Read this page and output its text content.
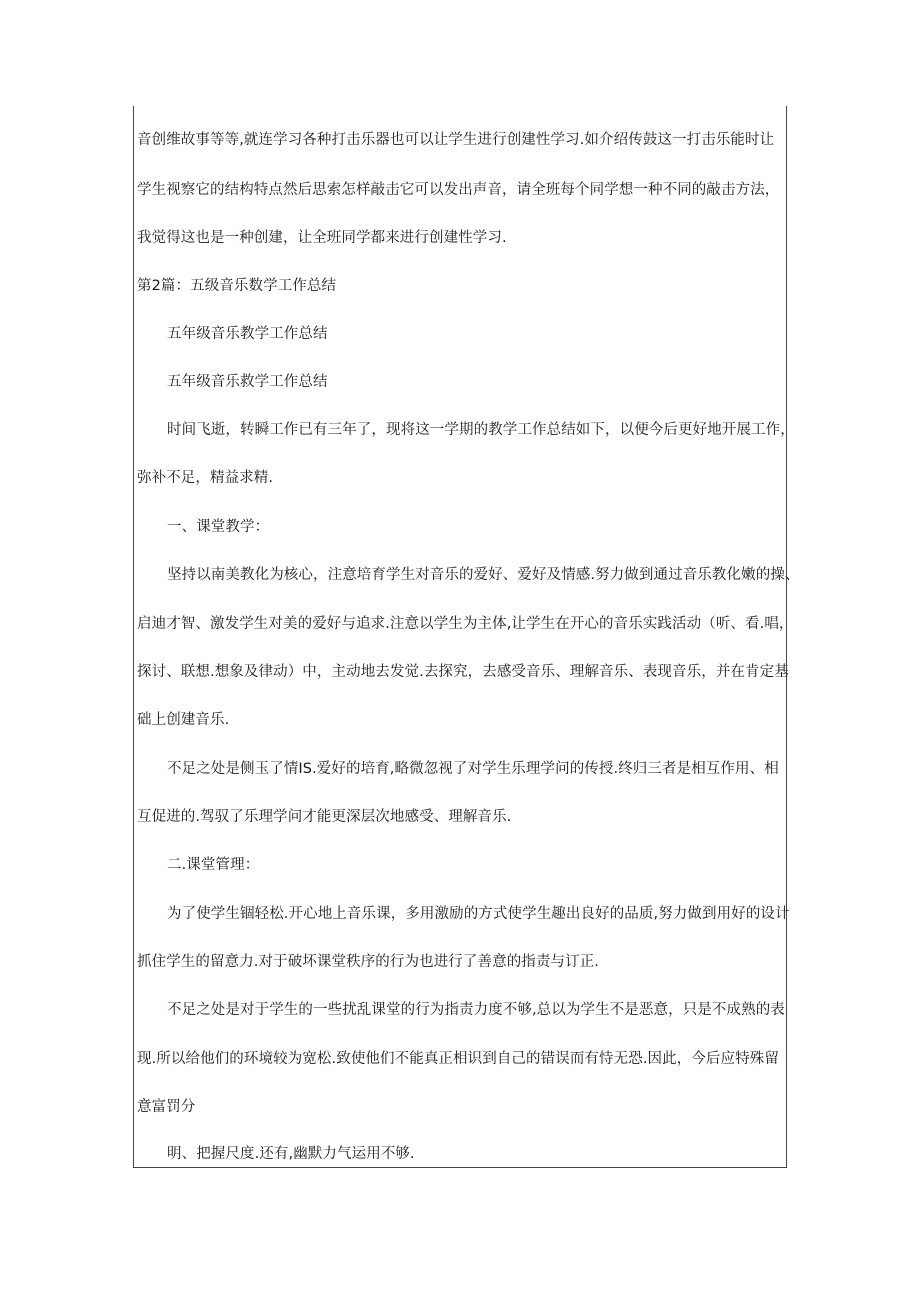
音创维故事等等,就连学习各种打击乐器也可以让学生进行创建性学习.如介绍传鼓这一打击乐能时让
学生视察它的结构特点然后思索怎样敲击它可以发出声音，请全班每个同学想一种不同的敲击方法，
我觉得这也是一种创建，让全班同学都来进行创建性学习.
第2篇：五级音乐数学工作总结
五年级音乐教学工作总结
五年级音乐救学工作总结
时间飞逝，转瞬工作已有三年了，现将这一学期的教学工作总结如下，以便今后更好地开展工作，
弥补不足，精益求精.
一、课堂教学：
坚持以南美教化为核心，注意培育学生对音乐的爱好、爱好及情感.努力做到通过音乐教化嫩的操、
启迪才智、激发学生对美的爱好与追求.注意以学生为主体,让学生在开心的音乐实践活动（听、看.唱，
探讨、联想.想象及律动）中，主动地去发觉.去探究，去感受音乐、理解音乐、表现音乐，并在肯定基
础上创建音乐.
不足之处是侧玉了情IS.爱好的培育,略微忽视了对学生乐理学问的传授.终归三者是相互作用、相
互促进的.驾驭了乐理学问才能更深层次地感受、理解音乐.
二.课堂管理：
为了使学生锢轻松.开心地上音乐课，多用激励的方式使学生趣出良好的品质,努力做到用好的设计
抓住学生的留意力.对于破坏课堂秩序的行为也进行了善意的指责与订正.
不足之处是对于学生的一些扰乱课堂的行为指责力度不够,总以为学生不是恶意，只是不成熟的表
现.所以给他们的环境较为宽松.致使他们不能真正相识到自己的错误而有恃无恐.因此，今后应特殊留
意富罚分
明、把握尺度.还有,幽默力气运用不够.
